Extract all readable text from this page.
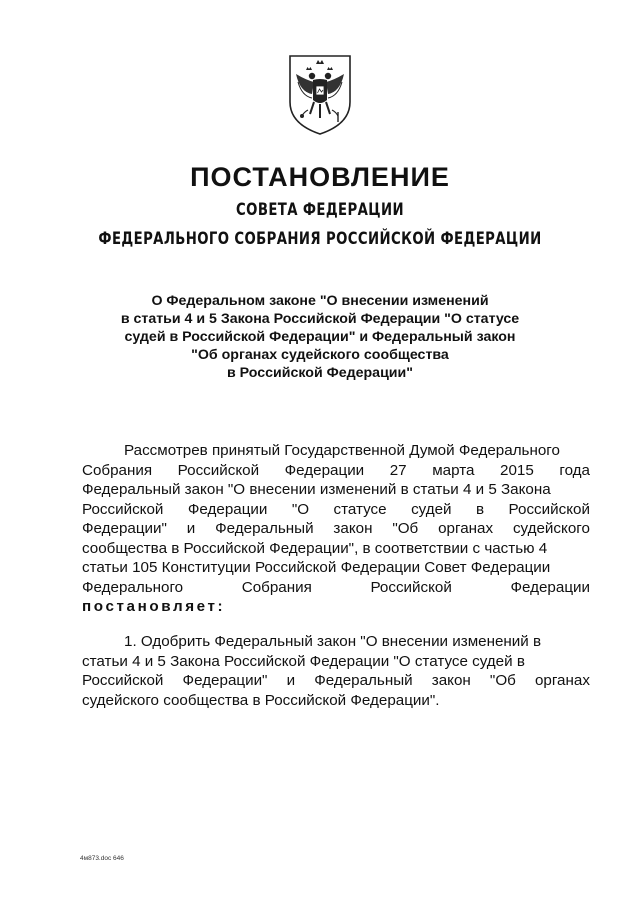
ПОСТАНОВЛЕНИЕ
СОВЕТА ФЕДЕРАЦИИ
ФЕДЕРАЛЬНОГО СОБРАНИЯ РОССИЙСКОЙ ФЕДЕРАЦИИ
О Федеральном законе "О внесении изменений
в статьи 4 и 5 Закона Российской Федерации "О статусе
судей в Российской Федерации" и Федеральный закон
"Об органах судейского сообщества
в Российской Федерации"
Рассмотрев принятый Государственной Думой Федерального
Собрания Российской Федерации 27 марта 2015 года
Федеральный закон "О внесении изменений в статьи 4 и 5 Закона
Российской Федерации "О статусе судей в Российской
Федерации" и Федеральный закон "Об органах судейского
сообщества в Российской Федерации", в соответствии с частью 4
статьи 105 Конституции Российской Федерации Совет Федерации
Федерального	Собрания	Российской	Федерации
постановляет:
1. Одобрить Федеральный закон "О внесении изменений в
статьи 4 и 5 Закона Российской Федерации "О статусе судей в
Российской Федерации" и Федеральный закон "Об органах
судейского сообщества в Российской Федерации".
4м873.doc 646
